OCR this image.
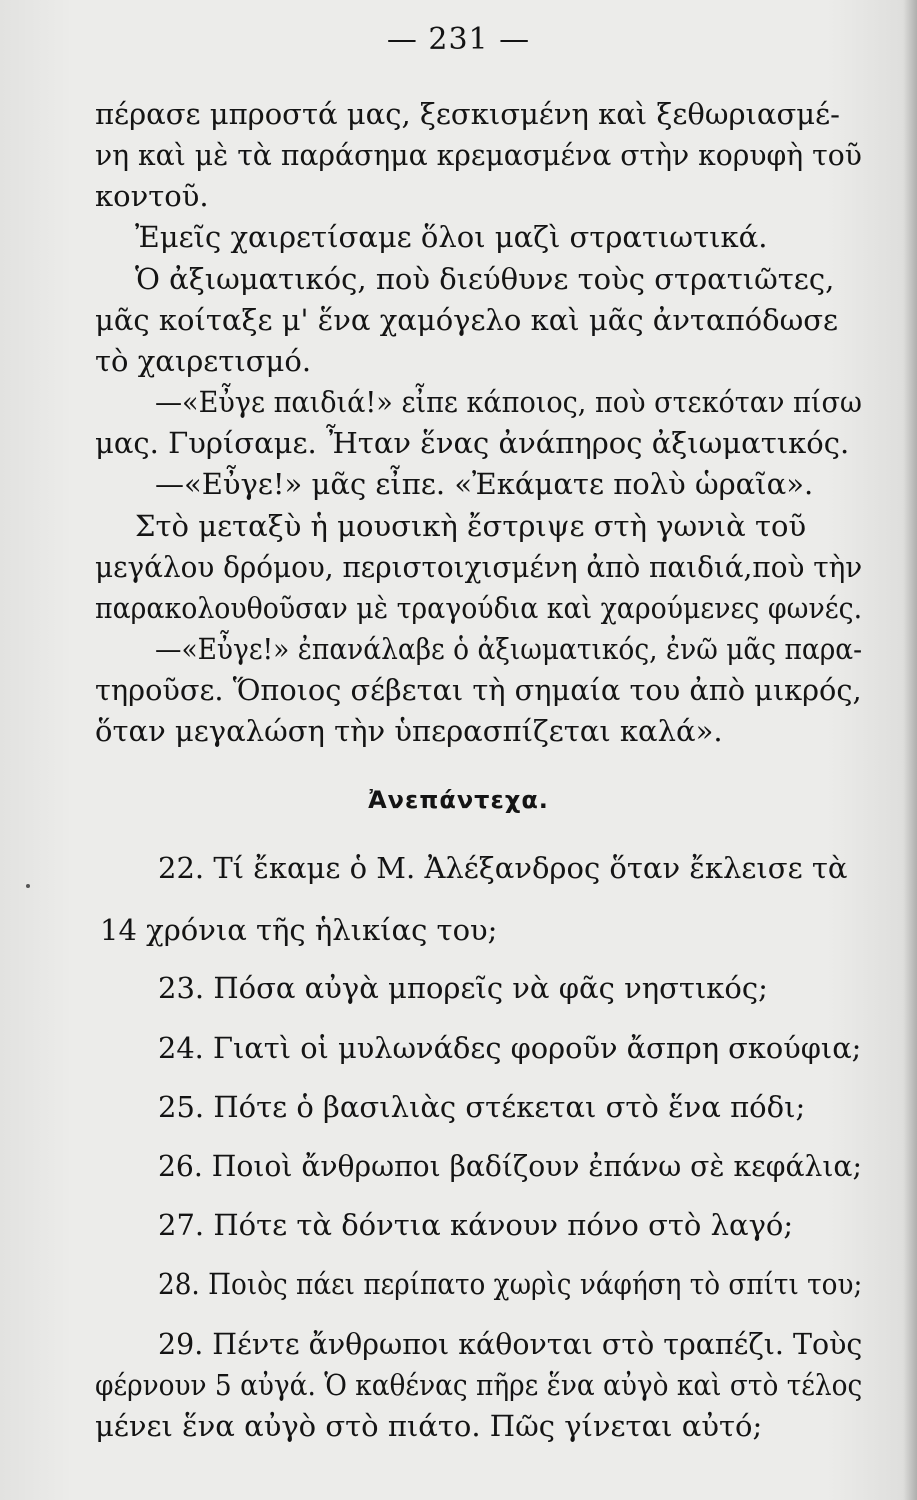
— 231 —
πέρασε μπροστά μας, ξεσκισμένη καὶ ξεθωριασμέ-
νη καὶ μὲ τὰ παράσημα κρεμασμένα στὴν κορυφὴ τοῦ
κοντοῦ.
Ἐμεῖς χαιρετίσαμε ὅλοι μαζὶ στρατιωτικά.
Ὁ ἀξιωματικός, ποὺ διεύθυνε τοὺς στρατιῶτες,
μᾶς κοίταξε μ' ἕνα χαμόγελο καὶ μᾶς ἀνταπόδωσε
τὸ χαιρετισμό.
—«Εὖγε παιδιά!» εἶπε κάποιος, ποὺ στεκόταν πίσω
μας. Γυρίσαμε. Ἦταν ἕνας ἀνάπηρος ἀξιωματικός.
—«Εὖγε!» μᾶς εἶπε. «Ἐκάματε πολὺ ὡραῖα».
Στὸ μεταξὺ ἡ μουσικὴ ἔστριψε στὴ γωνιὰ τοῦ
μεγάλου δρόμου, περιστοιχισμένη ἀπὸ παιδιά,ποὺ τὴν
παρακολουθοῦσαν μὲ τραγούδια καὶ χαρούμενες φωνές.
—«Εὖγε!» ἐπανάλαβε ὁ ἀξιωματικός, ἐνῶ μᾶς παρα-
τηροῦσε. Ὅποιος σέβεται τὴ σημαία του ἀπὸ μικρός,
ὅταν μεγαλώση τὴν ὑπερασπίζεται καλά».
Ἀνεπάντεχα.
22. Τί ἔκαμε ὁ Μ. Ἀλέξανδρος ὅταν ἔκλεισε τὰ
14 χρόνια τῆς ἡλικίας του;
23. Πόσα αὐγὰ μπορεῖς νὰ φᾶς νηστικός;
24. Γιατὶ οἱ μυλωνάδες φοροῦν ἄσπρη σκούφια;
25. Πότε ὁ βασιλιὰς στέκεται στὸ ἕνα πόδι;
26. Ποιοὶ ἄνθρωποι βαδίζουν ἐπάνω σὲ κεφάλια;
27. Πότε τὰ δόντια κάνουν πόνο στὸ λαγό;
28. Ποιὸς πάει περίπατο χωρὶς νάφήση τὸ σπίτι του;
29. Πέντε ἄνθρωποι κάθονται στὸ τραπέζι. Τοὺς
φέρνουν 5 αὐγά. Ὁ καθένας πῆρε ἕνα αὐγὸ καὶ στὸ τέλος
μένει ἕνα αὐγὸ στὸ πιάτο. Πῶς γίνεται αὐτό;
